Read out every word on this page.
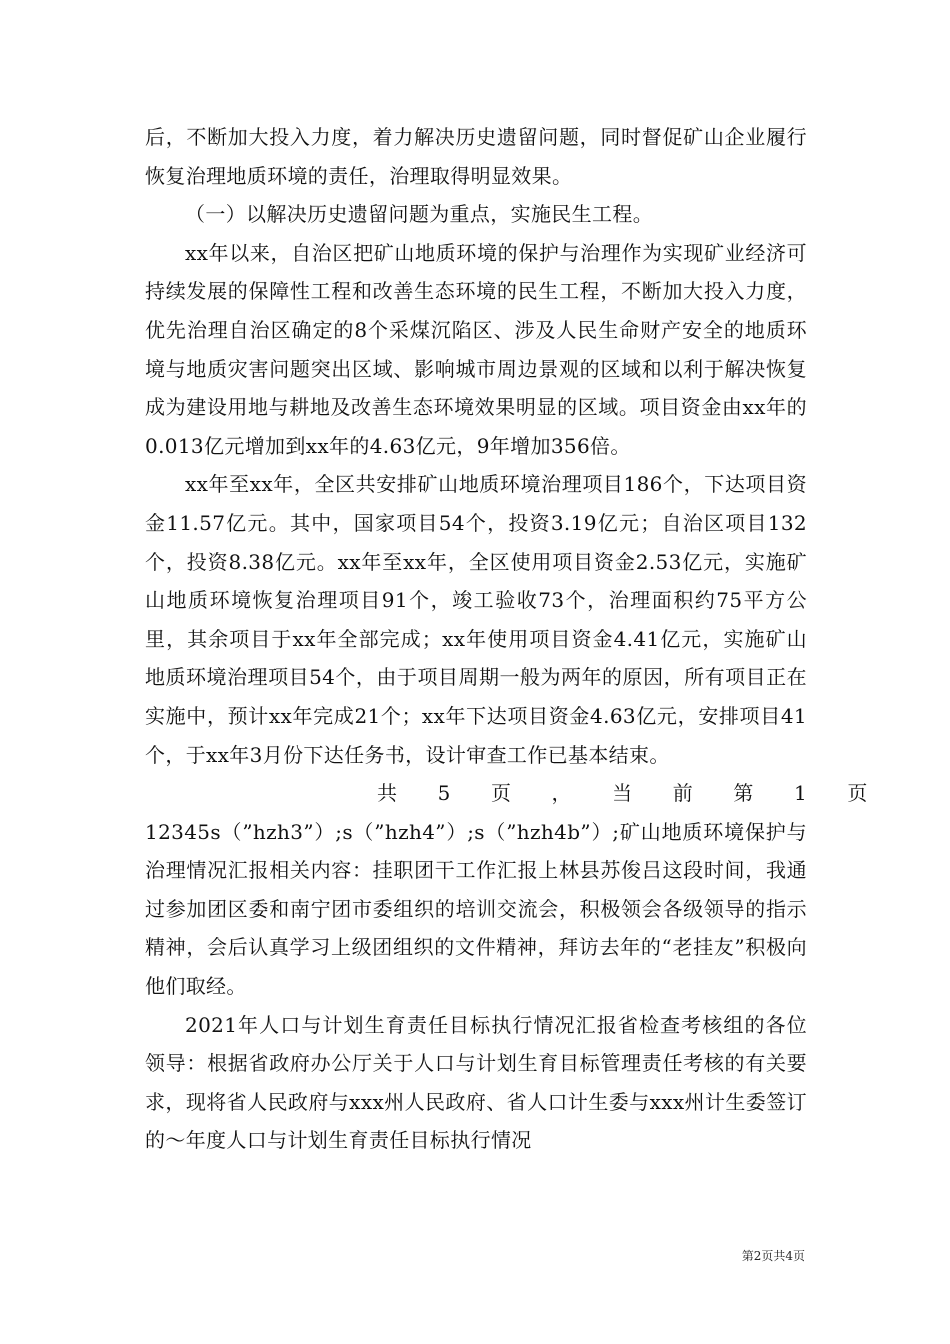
后，不断加大投入力度，着力解决历史遗留问题，同时督促矿山企业履行恢复治理地质环境的责任，治理取得明显效果。

（一）以解决历史遗留问题为重点，实施民生工程。

xx年以来，自治区把矿山地质环境的保护与治理作为实现矿业经济可持续发展的保障性工程和改善生态环境的民生工程，不断加大投入力度，优先治理自治区确定的8个采煤沉陷区、涉及人民生命财产安全的地质环境与地质灾害问题突出区域、影响城市周边景观的区域和以利于解决恢复成为建设用地与耕地及改善生态环境效果明显的区域。项目资金由xx年的0.013亿元增加到xx年的4.63亿元，9年增加356倍。

xx年至xx年，全区共安排矿山地质环境治理项目186个，下达项目资金11.57亿元。其中，国家项目54个，投资3.19亿元；自治区项目132个，投资8.38亿元。xx年至xx年，全区使用项目资金2.53亿元，实施矿山地质环境恢复治理项目91个，竣工验收73个，治理面积约75平方公里，其余项目于xx年全部完成；xx年使用项目资金4.41亿元，实施矿山地质环境治理项目54个，由于项目周期一般为两年的原因，所有项目正在实施中，预计xx年完成21个；xx年下达项目资金4.63亿元，安排项目41个，于xx年3月份下达任务书，设计审查工作已基本结束。

共 5 页 ， 当 前 第 1 页

12345s（”hzh3”）;s（”hzh4”）;s（”hzh4b”）;矿山地质环境保护与治理情况汇报相关内容：挂职团干工作汇报上林县苏俊吕这段时间，我通过参加团区委和南宁团市委组织的培训交流会，积极领会各级领导的指示精神，会后认真学习上级团组织的文件精神，拜访去年的“老挂友”积极向他们取经。

2021年人口与计划生育责任目标执行情况汇报省检查考核组的各位领导：根据省政府办公厅关于人口与计划生育目标管理责任考核的有关要求，现将省人民政府与xxx州人民政府、省人口计生委与xxx州计生委签订的～年度人口与计划生育责任目标执行情况

第2页共4页
